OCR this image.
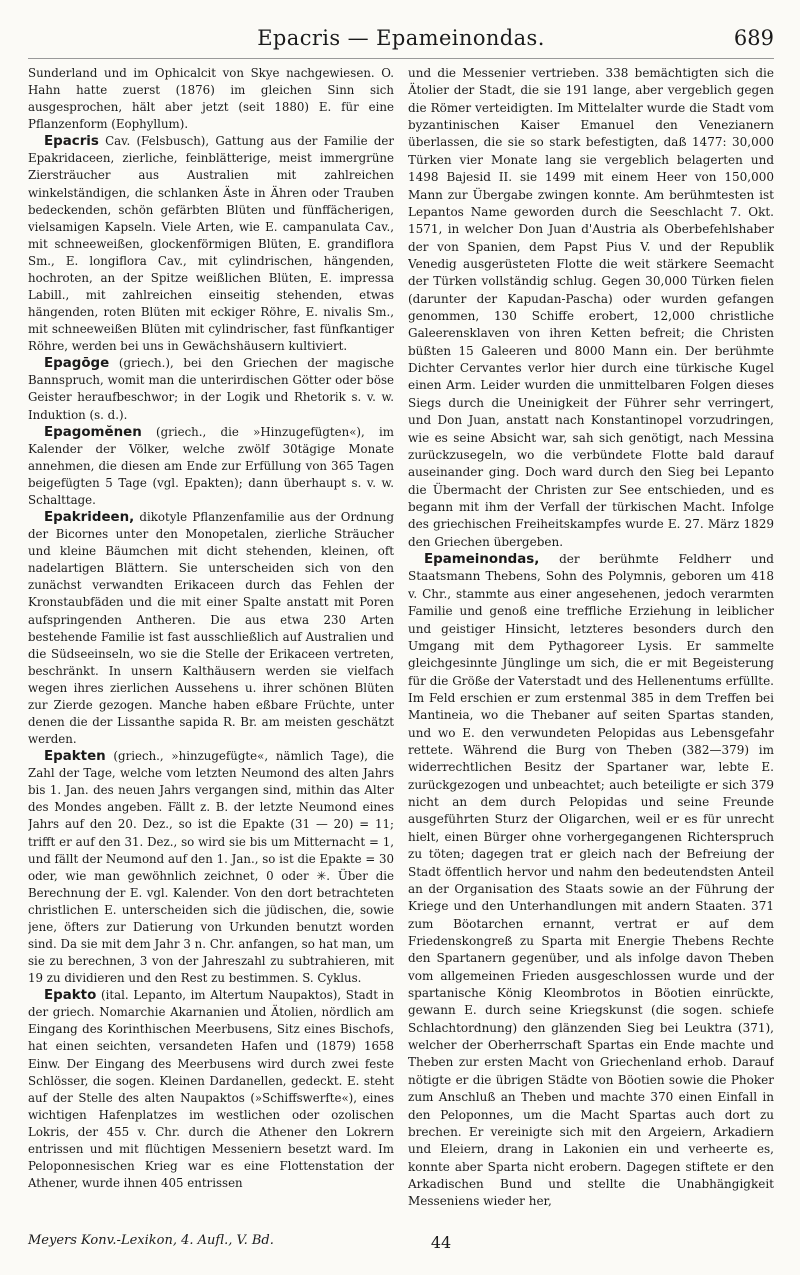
Epacris — Epameinondas.	689

Sunderland und im Ophicalcit von Skye nachgewiesen. O. Hahn hatte zuerst (1876) im gleichen Sinn sich ausgesprochen, hält aber jetzt (seit 1880) E. für eine Pflanzenform (Eophyllum).

Epacris Cav. (Felsbusch), Gattung aus der Familie der Epakridaceen, zierliche, feinblätterige, meist immergrüne Ziersträucher aus Australien mit zahlreichen winkelständigen, die schlanken Äste in Ähren oder Trauben bedeckenden, schön gefärbten Blüten und fünffächerigen, vielsamigen Kapseln. Viele Arten, wie E. campanulata Cav., mit schneeweißen, glockenförmigen Blüten, E. grandiflora Sm., E. longiflora Cav., mit cylindrischen, hängenden, hochroten, an der Spitze weißlichen Blüten, E. impressa Labill., mit zahlreichen einseitig stehenden, etwas hängenden, roten Blüten mit eckiger Röhre, E. nivalis Sm., mit schneeweißen Blüten mit cylindrischer, fast fünfkantiger Röhre, werden bei uns in Gewächshäusern kultiviert.

Epagōge (griech.), bei den Griechen der magische Bannspruch, womit man die unterirdischen Götter oder böse Geister heraufbeschwor; in der Logik und Rhetorik s. v. w. Induktion (s. d.).

Epagomĕnen (griech., die »Hinzugefügten«), im Kalender der Völker, welche zwölf 30tägige Monate annehmen, die diesen am Ende zur Erfüllung von 365 Tagen beigefügten 5 Tage (vgl. Epakten); dann überhaupt s. v. w. Schalttage.

Epakrideen, dikotyle Pflanzenfamilie aus der Ordnung der Bicornes unter den Monopetalen, zierliche Sträucher und kleine Bäumchen mit dicht stehenden, kleinen, oft nadelartigen Blättern. Sie unterscheiden sich von den zunächst verwandten Erikaceen durch das Fehlen der Kronstaubfäden und die mit einer Spalte anstatt mit Poren aufspringenden Antheren. Die aus etwa 230 Arten bestehende Familie ist fast ausschließlich auf Australien und die Südseeinseln, wo sie die Stelle der Erikaceen vertreten, beschränkt. In unsern Kalthäusern werden sie vielfach wegen ihres zierlichen Aussehens u. ihrer schönen Blüten zur Zierde gezogen. Manche haben eßbare Früchte, unter denen die der Lissanthe sapida R. Br. am meisten geschätzt werden.

Epakten (griech., »hinzugefügte«, nämlich Tage), die Zahl der Tage, welche vom letzten Neumond des alten Jahrs bis 1. Jan. des neuen Jahrs vergangen sind, mithin das Alter des Mondes angeben. Fällt z. B. der letzte Neumond eines Jahrs auf den 20. Dez., so ist die Epakte (31 — 20) = 11; trifft er auf den 31. Dez., so wird sie bis um Mitternacht = 1, und fällt der Neumond auf den 1. Jan., so ist die Epakte = 30 oder, wie man gewöhnlich zeichnet, 0 oder ✳. Über die Berechnung der E. vgl. Kalender. Von den dort betrachteten christlichen E. unterscheiden sich die jüdischen, die, sowie jene, öfters zur Datierung von Urkunden benutzt worden sind. Da sie mit dem Jahr 3 n. Chr. anfangen, so hat man, um sie zu berechnen, 3 von der Jahreszahl zu subtrahieren, mit 19 zu dividieren und den Rest zu bestimmen. S. Cyklus.

Epakto (ital. Lepanto, im Altertum Naupaktos), Stadt in der griech. Nomarchie Akarnanien und Ätolien, nördlich am Eingang des Korinthischen Meerbusens, Sitz eines Bischofs, hat einen seichten, versandeten Hafen und (1879) 1658 Einw. Der Eingang des Meerbusens wird durch zwei feste Schlösser, die sogen. Kleinen Dardanellen, gedeckt. E. steht auf der Stelle des alten Naupaktos (»Schiffswerfte«), eines wichtigen Hafenplatzes im westlichen oder ozolischen Lokris, der 455 v. Chr. durch die Athener den Lokrern entrissen und mit flüchtigen Messeniern besetzt ward. Im Peloponnesischen Krieg war es eine Flottenstation der Athener, wurde ihnen 405 entrissen

und die Messenier vertrieben. 338 bemächtigten sich die Ätolier der Stadt, die sie 191 lange, aber vergeblich gegen die Römer verteidigten. Im Mittelalter wurde die Stadt vom byzantinischen Kaiser Emanuel den Venezianern überlassen, die sie so stark befestigten, daß 1477: 30,000 Türken vier Monate lang sie vergeblich belagerten und 1498 Bajesid II. sie 1499 mit einem Heer von 150,000 Mann zur Übergabe zwingen konnte. Am berühmtesten ist Lepantos Name geworden durch die Seeschlacht 7. Okt. 1571, in welcher Don Juan d'Austria als Oberbefehlshaber der von Spanien, dem Papst Pius V. und der Republik Venedig ausgerüsteten Flotte die weit stärkere Seemacht der Türken vollständig schlug. Gegen 30,000 Türken fielen (darunter der Kapudan-Pascha) oder wurden gefangen genommen, 130 Schiffe erobert, 12,000 christliche Galeerensklaven von ihren Ketten befreit; die Christen büßten 15 Galeeren und 8000 Mann ein. Der berühmte Dichter Cervantes verlor hier durch eine türkische Kugel einen Arm. Leider wurden die unmittelbaren Folgen dieses Siegs durch die Uneinigkeit der Führer sehr verringert, und Don Juan, anstatt nach Konstantinopel vorzudringen, wie es seine Absicht war, sah sich genötigt, nach Messina zurückzusegeln, wo die verbündete Flotte bald darauf auseinander ging. Doch ward durch den Sieg bei Lepanto die Übermacht der Christen zur See entschieden, und es begann mit ihm der Verfall der türkischen Macht. Infolge des griechischen Freiheitskampfes wurde E. 27. März 1829 den Griechen übergeben.

Epameinondas, der berühmte Feldherr und Staatsmann Thebens, Sohn des Polymnis, geboren um 418 v. Chr., stammte aus einer angesehenen, jedoch verarmten Familie und genoß eine treffliche Erziehung in leiblicher und geistiger Hinsicht, letzteres besonders durch den Umgang mit dem Pythagoreer Lysis. Er sammelte gleichgesinnte Jünglinge um sich, die er mit Begeisterung für die Größe der Vaterstadt und des Hellenentums erfüllte. Im Feld erschien er zum erstenmal 385 in dem Treffen bei Mantineia, wo die Thebaner auf seiten Spartas standen, und wo E. den verwundeten Pelopidas aus Lebensgefahr rettete. Während die Burg von Theben (382—379) im widerrechtlichen Besitz der Spartaner war, lebte E. zurückgezogen und unbeachtet; auch beteiligte er sich 379 nicht an dem durch Pelopidas und seine Freunde ausgeführten Sturz der Oligarchen, weil er es für unrecht hielt, einen Bürger ohne vorhergegangenen Richterspruch zu töten; dagegen trat er gleich nach der Befreiung der Stadt öffentlich hervor und nahm den bedeutendsten Anteil an der Organisation des Staats sowie an der Führung der Kriege und den Unterhandlungen mit andern Staaten. 371 zum Böotarchen ernannt, vertrat er auf dem Friedenskongreß zu Sparta mit Energie Thebens Rechte den Spartanern gegenüber, und als infolge davon Theben vom allgemeinen Frieden ausgeschlossen wurde und der spartanische König Kleombrotos in Böotien einrückte, gewann E. durch seine Kriegskunst (die sogen. schiefe Schlachtordnung) den glänzenden Sieg bei Leuktra (371), welcher der Oberherrschaft Spartas ein Ende machte und Theben zur ersten Macht von Griechenland erhob. Darauf nötigte er die übrigen Städte von Böotien sowie die Phoker zum Anschluß an Theben und machte 370 einen Einfall in den Peloponnes, um die Macht Spartas auch dort zu brechen. Er vereinigte sich mit den Argeiern, Arkadiern und Eleiern, drang in Lakonien ein und verheerte es, konnte aber Sparta nicht erobern. Dagegen stiftete er den Arkadischen Bund und stellte die Unabhängigkeit Messeniens wieder her,

Meyers Konv.-Lexikon, 4. Aufl., V. Bd.	44
